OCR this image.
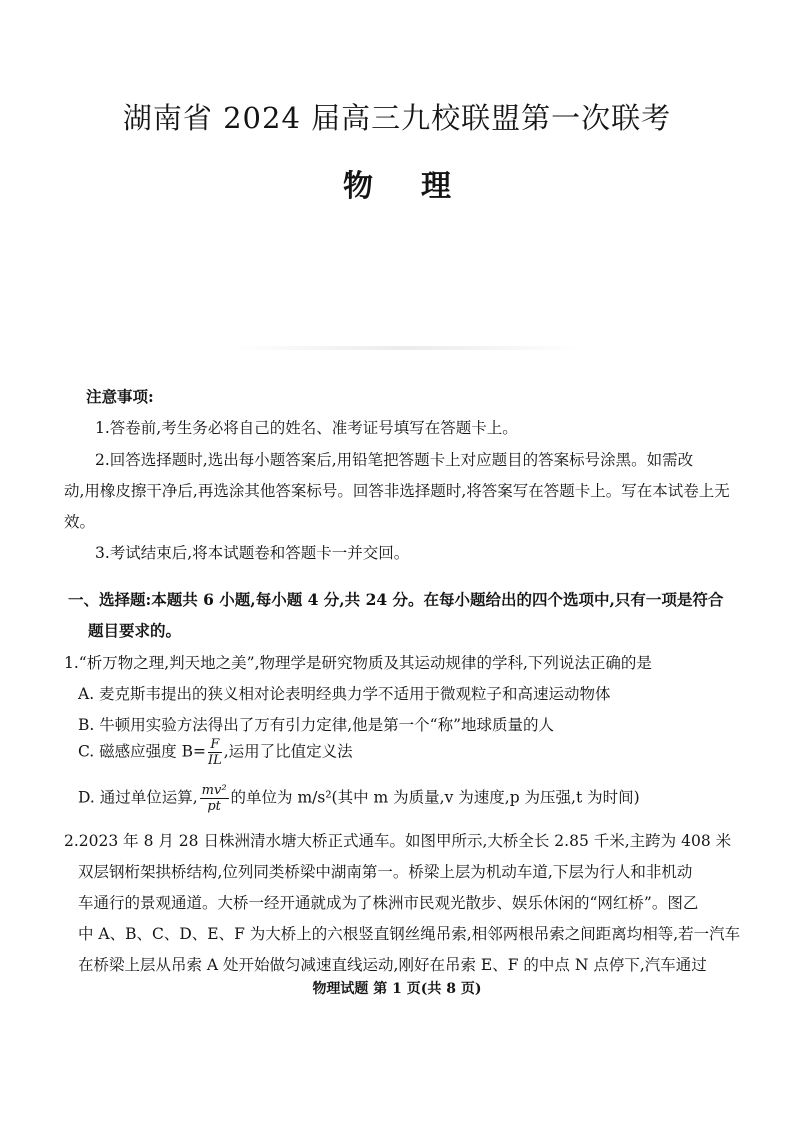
湖南省 2024 届高三九校联盟第一次联考
物 理
注意事项:
1.答卷前,考生务必将自己的姓名、准考证号填写在答题卡上。
2.回答选择题时,选出每小题答案后,用铅笔把答题卡上对应题目的答案标号涂黑。如需改
动,用橡皮擦干净后,再选涂其他答案标号。回答非选择题时,将答案写在答题卡上。写在本试卷上无
效。
3.考试结束后,将本试题卷和答题卡一并交回。
一、选择题:本题共 6 小题,每小题 4 分,共 24 分。在每小题给出的四个选项中,只有一项是符合
题目要求的。
1.“析万物之理,判天地之美”,物理学是研究物质及其运动规律的学科,下列说法正确的是
A. 麦克斯韦提出的狭义相对论表明经典力学不适用于微观粒子和高速运动物体
B. 牛顿用实验方法得出了万有引力定律,他是第一个“称”地球质量的人
C. 磁感应强度 $B= \frac{F}{IL}$ ,运用了比值定义法
D. 通过单位运算, $\frac{\text{mv²}}{pt}$ 的单位为 m/s²(其中 m 为质量,v 为速度,p 为压强,t 为时间)
2.2023 年 8 月 28 日株洲清水塘大桥正式通车。如图甲所示,大桥全长 2.85 千米,主跨为 408 米
双层钢桁架拱桥结构,位列同类桥梁中湖南第一。桥梁上层为机动车道,下层为行人和非机动
车通行的景观通道。大桥一经开通就成为了株洲市民观光散步、娱乐休闲的“网红桥”。图乙
中 A、B、C、D、E、F 为大桥上的六根竖直钢丝绳吊索,相邻两根吊索之间距离均相等,若一汽车
在桥梁上层从吊索 A 处开始做匀减速直线运动,刚好在吊索 E、F 的中点 N 点停下,汽车通过
物理试题 第 1 页(共 8 页)
